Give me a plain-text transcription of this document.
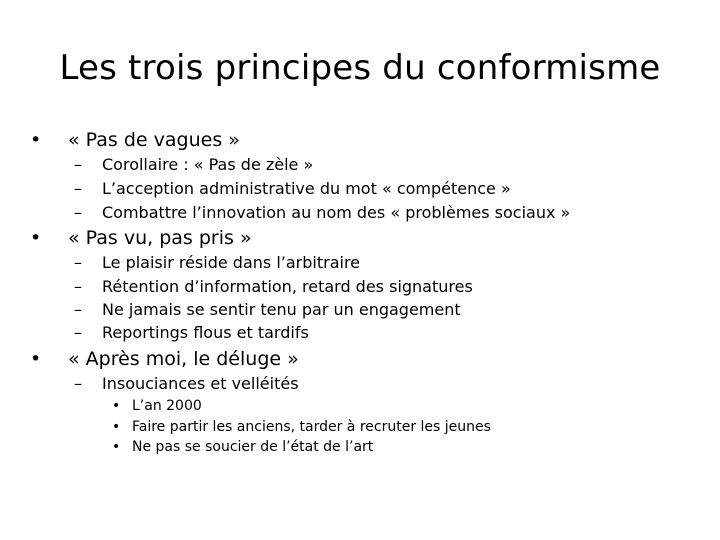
Les trois principes du conformisme
• « Pas de vagues »
– Corollaire : « Pas de zèle »
– L’acception administrative du mot « compétence »
– Combattre l’innovation au nom des « problèmes sociaux »
• « Pas vu, pas pris »
– Le plaisir réside dans l’arbitraire
– Rétention d’information, retard des signatures
– Ne jamais se sentir tenu par un engagement
– Reportings flous et tardifs
• « Après moi, le déluge »
– Insouciances et velléités
• L’an 2000
• Faire partir les anciens, tarder à recruter les jeunes
• Ne pas se soucier de l’état de l’art
